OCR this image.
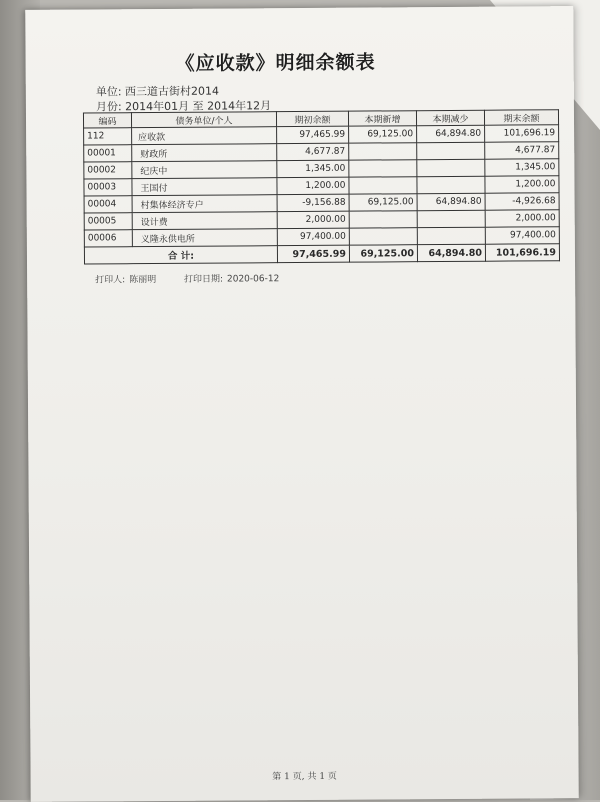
《应收款》明细余额表
单位: 西三道古街村2014
月份: 2014年01月 至 2014年12月
编码	债务单位/个人	期初余额	本期新增	本期减少	期末余额
112	应收款	97,465.99	69,125.00	64,894.80	101,696.19
00001	财政所	4,677.87			4,677.87
00002	纪庆中	1,345.00			1,345.00
00003	王国付	1,200.00			1,200.00
00004	村集体经济专户	-9,156.88	69,125.00	64,894.80	-4,926.68
00005	设计费	2,000.00			2,000.00
00006	义隆永供电所	97,400.00			97,400.00
合 计:		97,465.99	69,125.00	64,894.80	101,696.19
打印人: 陈丽明	打印日期: 2020-06-12
第 1 页, 共 1 页
